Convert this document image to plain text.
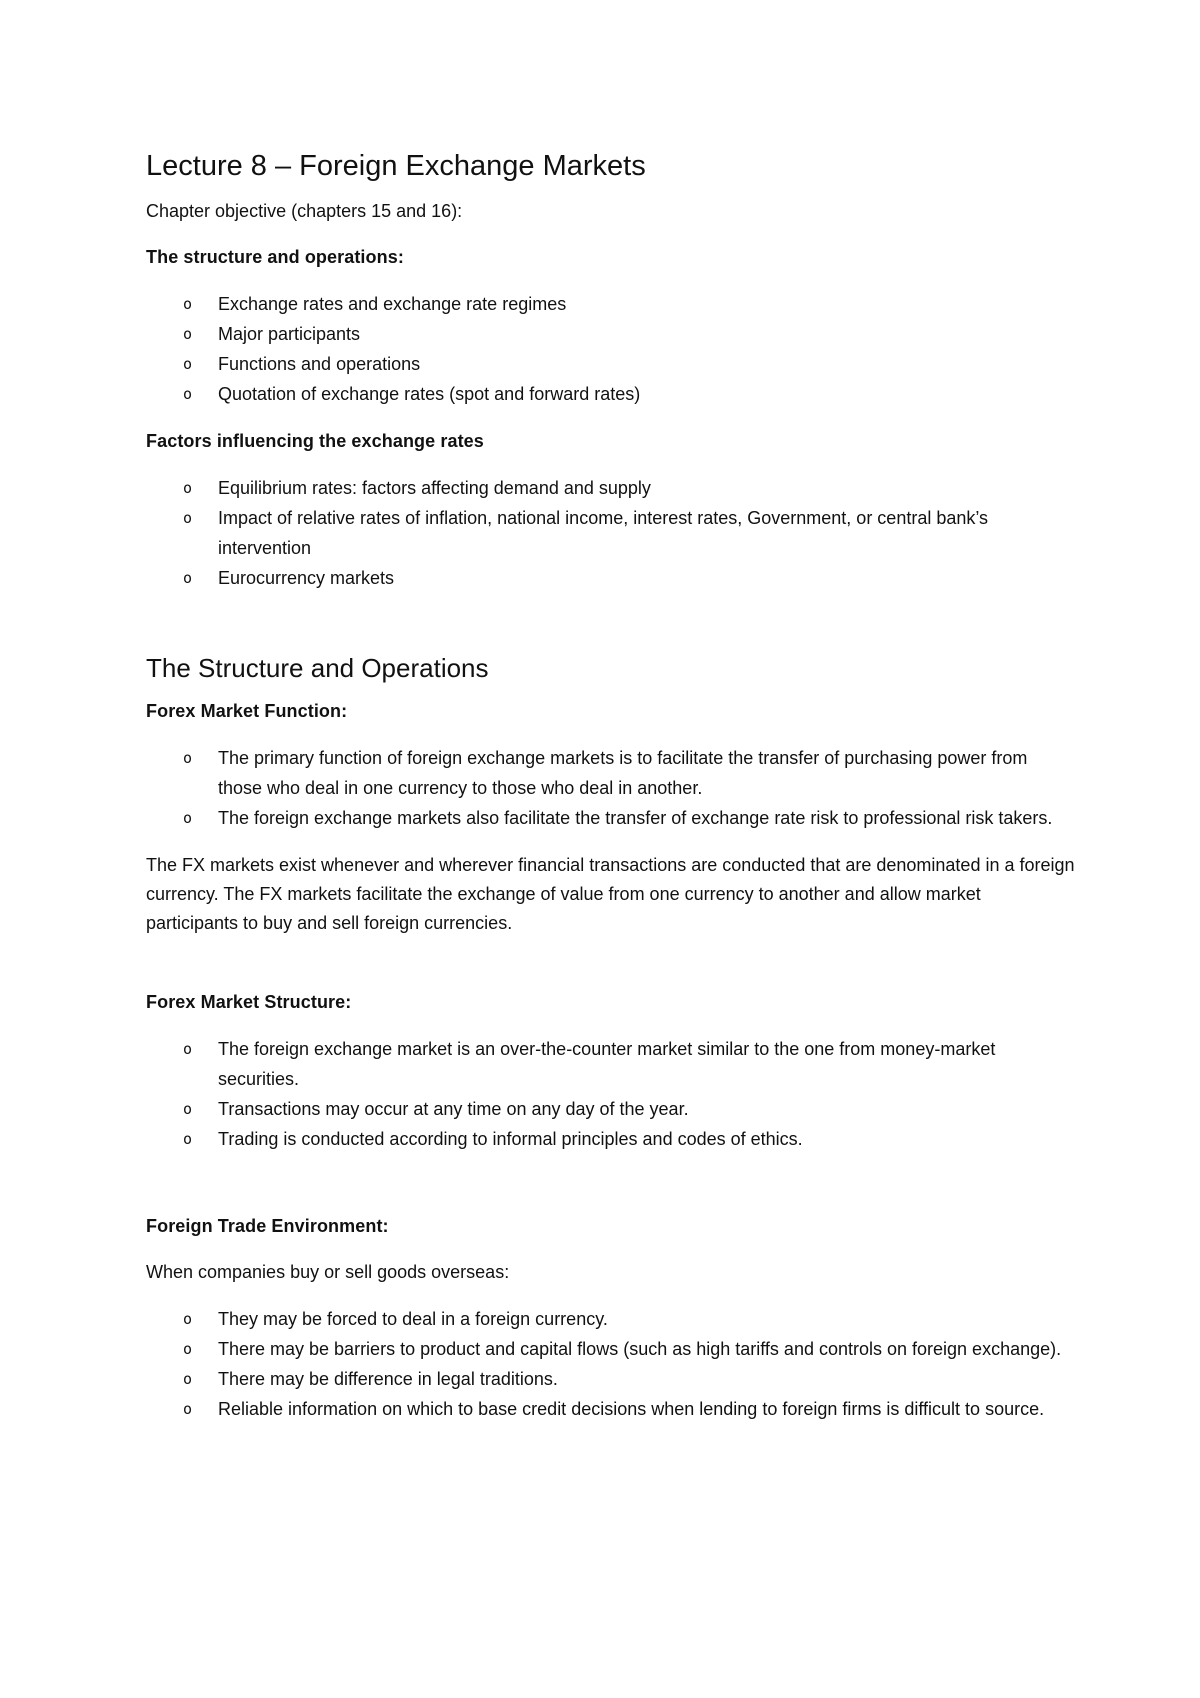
Lecture 8 – Foreign Exchange Markets

Chapter objective (chapters 15 and 16):

The structure and operations:

o Exchange rates and exchange rate regimes
o Major participants
o Functions and operations
o Quotation of exchange rates (spot and forward rates)

Factors influencing the exchange rates

o Equilibrium rates: factors affecting demand and supply
o Impact of relative rates of inflation, national income, interest rates, Government, or central bank’s intervention
o Eurocurrency markets
The Structure and Operations

Forex Market Function:

o The primary function of foreign exchange markets is to facilitate the transfer of purchasing power from those who deal in one currency to those who deal in another.
o The foreign exchange markets also facilitate the transfer of exchange rate risk to professional risk takers.

The FX markets exist whenever and wherever financial transactions are conducted that are denominated in a foreign currency. The FX markets facilitate the exchange of value from one currency to another and allow market participants to buy and sell foreign currencies.

Forex Market Structure:

o The foreign exchange market is an over-the-counter market similar to the one from money-market securities.
o Transactions may occur at any time on any day of the year.
o Trading is conducted according to informal principles and codes of ethics.

Foreign Trade Environment:

When companies buy or sell goods overseas:

o They may be forced to deal in a foreign currency.
o There may be barriers to product and capital flows (such as high tariffs and controls on foreign exchange).
o There may be difference in legal traditions.
o Reliable information on which to base credit decisions when lending to foreign firms is difficult to source.
